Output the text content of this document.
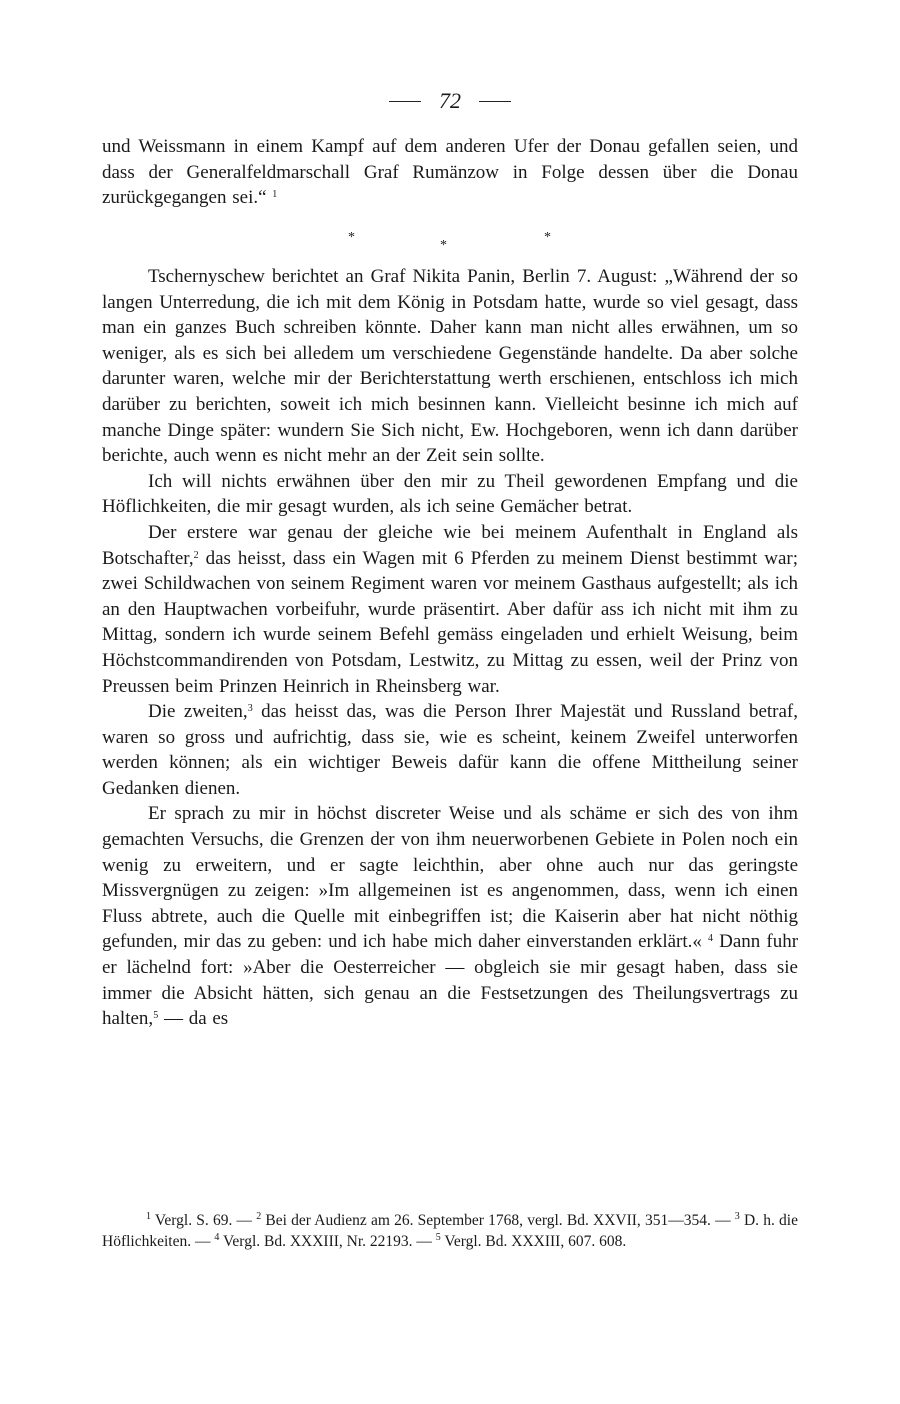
72

und Weissmann in einem Kampf auf dem anderen Ufer der Donau gefallen seien, und dass der Generalfeldmarschall Graf Rumänzow in Folge dessen über die Donau zurückgegangen sei.“ $^1$

*
*
*

Tschernyschew berichtet an Graf Nikita Panin, Berlin 7. August: „Während der so langen Unterredung, die ich mit dem König in Potsdam hatte, wurde so viel gesagt, dass man ein ganzes Buch schreiben könnte. Daher kann man nicht alles erwähnen, um so weniger, als es sich bei alledem um verschiedene Gegenstände handelte. Da aber solche darunter waren, welche mir der Berichterstattung werth erschienen, entschloss ich mich darüber zu berichten, soweit ich mich besinnen kann. Vielleicht besinne ich mich auf manche Dinge später: wundern Sie Sich nicht, Ew. Hochgeboren, wenn ich dann darüber berichte, auch wenn es nicht mehr an der Zeit sein sollte.

Ich will nichts erwähnen über den mir zu Theil gewordenen Empfang und die Höflichkeiten, die mir gesagt wurden, als ich seine Gemächer betrat.

Der erstere war genau der gleiche wie bei meinem Aufenthalt in England als Botschafter,$^2$ das heisst, dass ein Wagen mit 6 Pferden zu meinem Dienst bestimmt war; zwei Schildwachen von seinem Regiment waren vor meinem Gasthaus aufgestellt; als ich an den Hauptwachen vorbeifuhr, wurde präsentirt. Aber dafür ass ich nicht mit ihm zu Mittag, sondern ich wurde seinem Befehl gemäss eingeladen und erhielt Weisung, beim Höchstcommandirenden von Potsdam, Lestwitz, zu Mittag zu essen, weil der Prinz von Preussen beim Prinzen Heinrich in Rheinsberg war.

Die zweiten,$^3$ das heisst das, was die Person Ihrer Majestät und Russland betraf, waren so gross und aufrichtig, dass sie, wie es scheint, keinem Zweifel unterworfen werden können; als ein wichtiger Beweis dafür kann die offene Mittheilung seiner Gedanken dienen.

Er sprach zu mir in höchst discreter Weise und als schäme er sich des von ihm gemachten Versuchs, die Grenzen der von ihm neuerworbenen Gebiete in Polen noch ein wenig zu erweitern, und er sagte leichthin, aber ohne auch nur das geringste Missvergnügen zu zeigen: »Im allgemeinen ist es angenommen, dass, wenn ich einen Fluss abtrete, auch die Quelle mit einbegriffen ist; die Kaiserin aber hat nicht nöthig gefunden, mir das zu geben: und ich habe mich daher einverstanden erklärt.« $^4$ Dann fuhr er lächelnd fort: »Aber die Oesterreicher — obgleich sie mir gesagt haben, dass sie immer die Absicht hätten, sich genau an die Festsetzungen des Theilungsvertrags zu halten,$^5$ — da es

$^1$ Vergl. S. 69. — $^2$ Bei der Audienz am 26. September 1768, vergl. Bd. XXVII, 351—354. — $^3$ D. h. die Höflichkeiten. — $^4$ Vergl. Bd. XXXIII, Nr. 22193. — $^5$ Vergl. Bd. XXXIII, 607. 608.
